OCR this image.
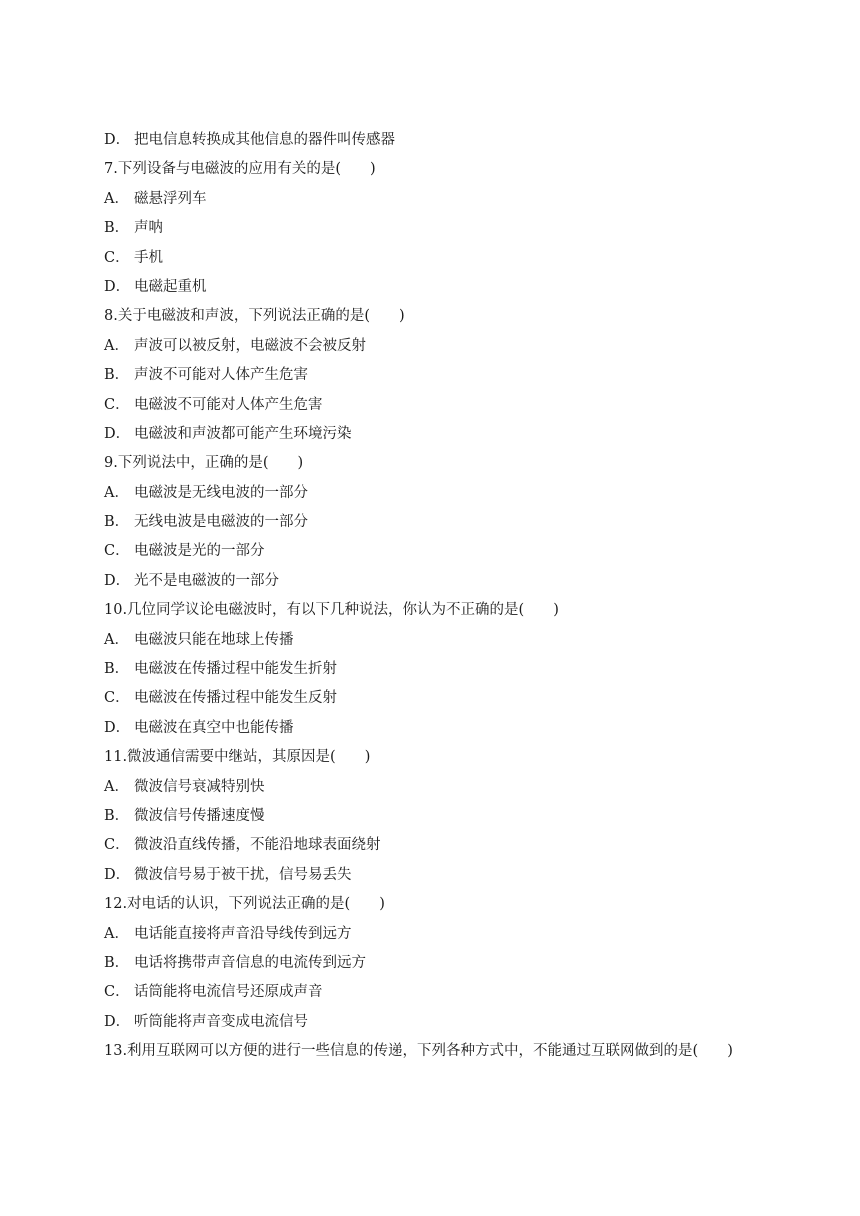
D． 把电信息转换成其他信息的器件叫传感器
7.下列设备与电磁波的应用有关的是(　　)
A． 磁悬浮列车
B． 声呐
C． 手机
D． 电磁起重机
8.关于电磁波和声波，下列说法正确的是(　　)
A． 声波可以被反射，电磁波不会被反射
B． 声波不可能对人体产生危害
C． 电磁波不可能对人体产生危害
D． 电磁波和声波都可能产生环境污染
9.下列说法中，正确的是(　　)
A． 电磁波是无线电波的一部分
B． 无线电波是电磁波的一部分
C． 电磁波是光的一部分
D． 光不是电磁波的一部分
10.几位同学议论电磁波时，有以下几种说法，你认为不正确的是(　　)
A． 电磁波只能在地球上传播
B． 电磁波在传播过程中能发生折射
C． 电磁波在传播过程中能发生反射
D． 电磁波在真空中也能传播
11.微波通信需要中继站，其原因是(　　)
A． 微波信号衰减特别快
B． 微波信号传播速度慢
C． 微波沿直线传播，不能沿地球表面绕射
D． 微波信号易于被干扰，信号易丢失
12.对电话的认识，下列说法正确的是(　　)
A． 电话能直接将声音沿导线传到远方
B． 电话将携带声音信息的电流传到远方
C． 话筒能将电流信号还原成声音
D． 听筒能将声音变成电流信号
13.利用互联网可以方便的进行一些信息的传递，下列各种方式中，不能通过互联网做到的是(　　)
